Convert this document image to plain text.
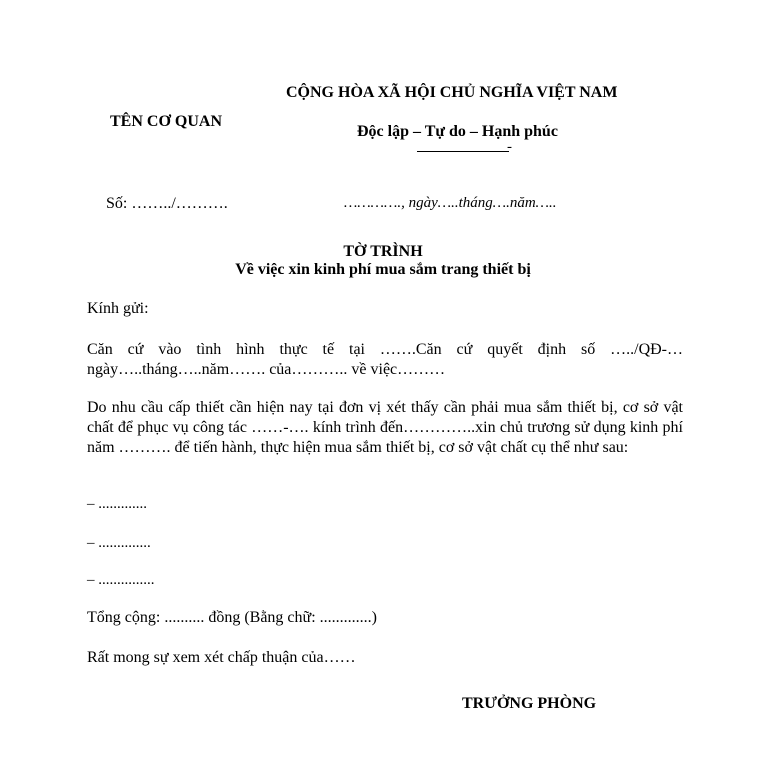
CỘNG HÒA XÃ HỘI CHỦ NGHĨA VIỆT NAM
TÊN CƠ QUAN
Độc lập – Tự do – Hạnh phúc
-
Số: ……../……….	…………., ngày…..tháng….năm…..
TỜ TRÌNH
Về việc xin kinh phí mua sắm trang thiết bị
Kính gửi:
Căn cứ vào tình hình thực tế tại …….Căn cứ quyết định số …../QĐ-… ngày…..tháng…..năm……. của……….. về việc………
Do nhu cầu cấp thiết cần hiện nay tại đơn vị xét thấy cần phải mua sắm thiết bị, cơ sở vật chất để phục vụ công tác ……-…. kính trình đến…………..xin chủ trương sử dụng kinh phí năm ………. để tiến hành, thực hiện mua sắm thiết bị, cơ sở vật chất cụ thể như sau:
– .............
– ..............
– ...............
Tổng cộng: .......... đồng (Bằng chữ: .............)
Rất mong sự xem xét chấp thuận của……
TRƯỞNG PHÒNG
